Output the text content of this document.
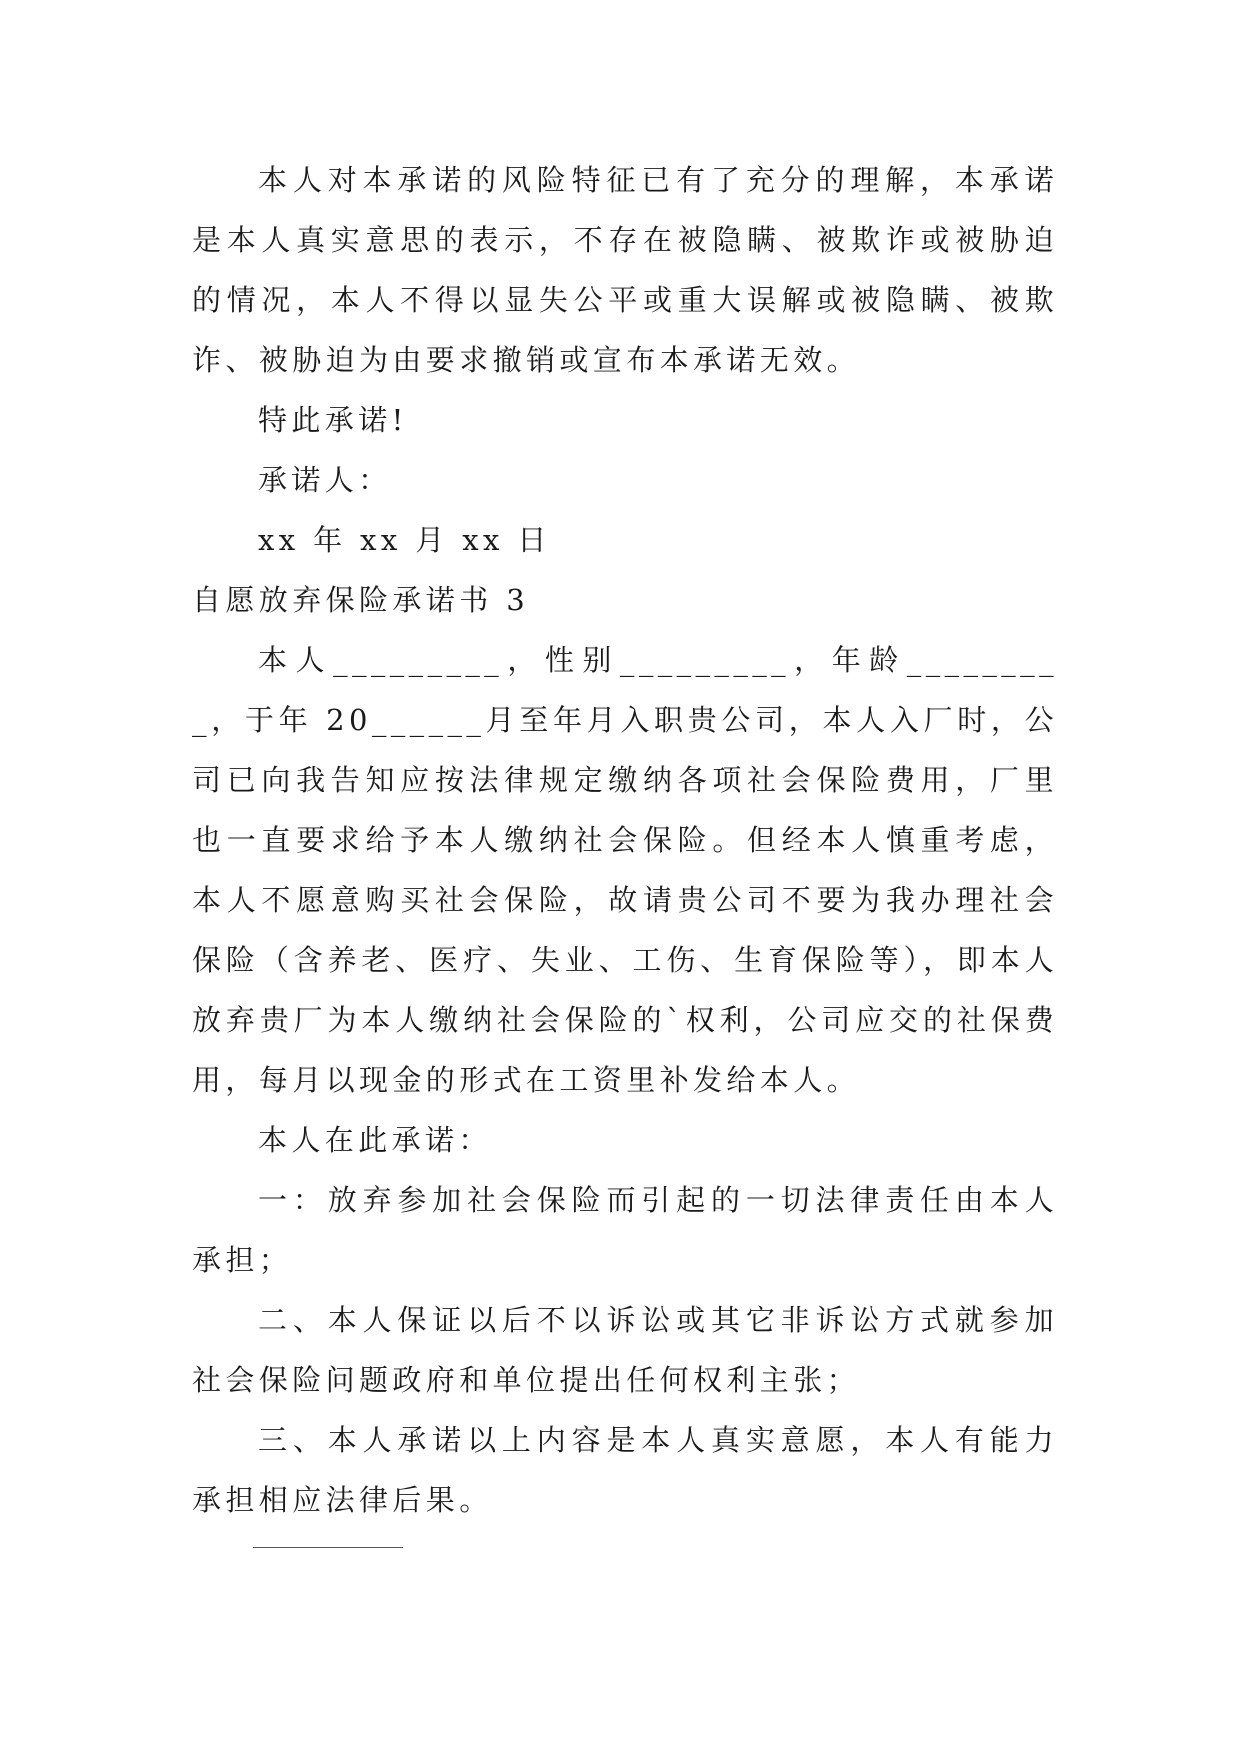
本人对本承诺的风险特征已有了充分的理解，本承诺是本人真实意思的表示，不存在被隐瞒、被欺诈或被胁迫的情况，本人不得以显失公平或重大误解或被隐瞒、被欺诈、被胁迫为由要求撤销或宣布本承诺无效。

特此承诺!

承诺人：

xx 年 xx 月 xx 日

自愿放弃保险承诺书 3

本人_________，性别_________，年龄_________，于年 20______月至年月入职贵公司，本人入厂时，公司已向我告知应按法律规定缴纳各项社会保险费用，厂里也一直要求给予本人缴纳社会保险。但经本人慎重考虑，本人不愿意购买社会保险，故请贵公司不要为我办理社会保险（含养老、医疗、失业、工伤、生育保险等），即本人放弃贵厂为本人缴纳社会保险的`权利，公司应交的社保费用，每月以现金的形式在工资里补发给本人。

本人在此承诺：

一：放弃参加社会保险而引起的一切法律责任由本人承担；

二、本人保证以后不以诉讼或其它非诉讼方式就参加社会保险问题政府和单位提出任何权利主张；

三、本人承诺以上内容是本人真实意愿，本人有能力承担相应法律后果。
